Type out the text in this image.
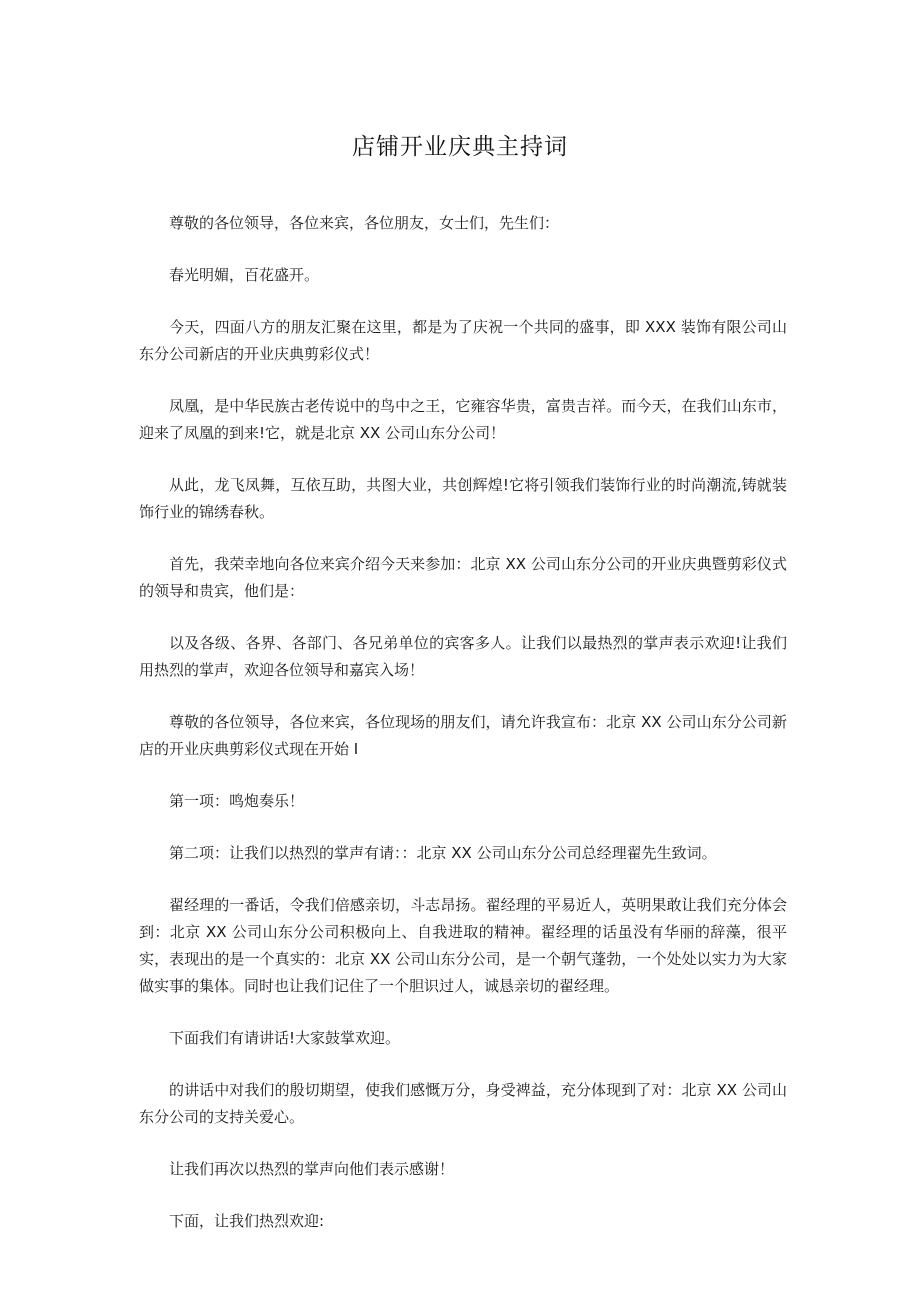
店铺开业庆典主持词

尊敬的各位领导，各位来宾，各位朋友，女士们，先生们：

春光明媚，百花盛开。

今天，四面八方的朋友汇聚在这里，都是为了庆祝一个共同的盛事，即 XXX 装饰有限公司山东分公司新店的开业庆典剪彩仪式！

凤凰，是中华民族古老传说中的鸟中之王，它雍容华贵，富贵吉祥。而今天，在我们山东市，迎来了凤凰的到来!它，就是北京 XX 公司山东分公司！

从此，龙飞凤舞，互依互助，共图大业，共创辉煌!它将引领我们装饰行业的时尚潮流,铸就装饰行业的锦绣春秋。

首先，我荣幸地向各位来宾介绍今天来参加：北京 XX 公司山东分公司的开业庆典暨剪彩仪式的领导和贵宾，他们是：

以及各级、各界、各部门、各兄弟单位的宾客多人。让我们以最热烈的掌声表示欢迎!让我们用热烈的掌声，欢迎各位领导和嘉宾入场！

尊敬的各位领导，各位来宾，各位现场的朋友们，请允许我宣布：北京 XX 公司山东分公司新店的开业庆典剪彩仪式现在开始 I

第一项：鸣炮奏乐！

第二项：让我们以热烈的掌声有请：：北京 XX 公司山东分公司总经理翟先生致词。

翟经理的一番话，令我们倍感亲切，斗志昂扬。翟经理的平易近人，英明果敢让我们充分体会到：北京 XX 公司山东分公司积极向上、自我进取的精神。翟经理的话虽没有华丽的辞藻，很平实，表现出的是一个真实的：北京 XX 公司山东分公司，是一个朝气蓬勃，一个处处以实力为大家做实事的集体。同时也让我们记住了一个胆识过人，诚恳亲切的翟经理。

下面我们有请讲话!大家鼓掌欢迎。

的讲话中对我们的殷切期望，使我们感慨万分，身受裨益，充分体现到了对：北京 XX 公司山东分公司的支持关爱心。

让我们再次以热烈的掌声向他们表示感谢！

下面，让我们热烈欢迎:
